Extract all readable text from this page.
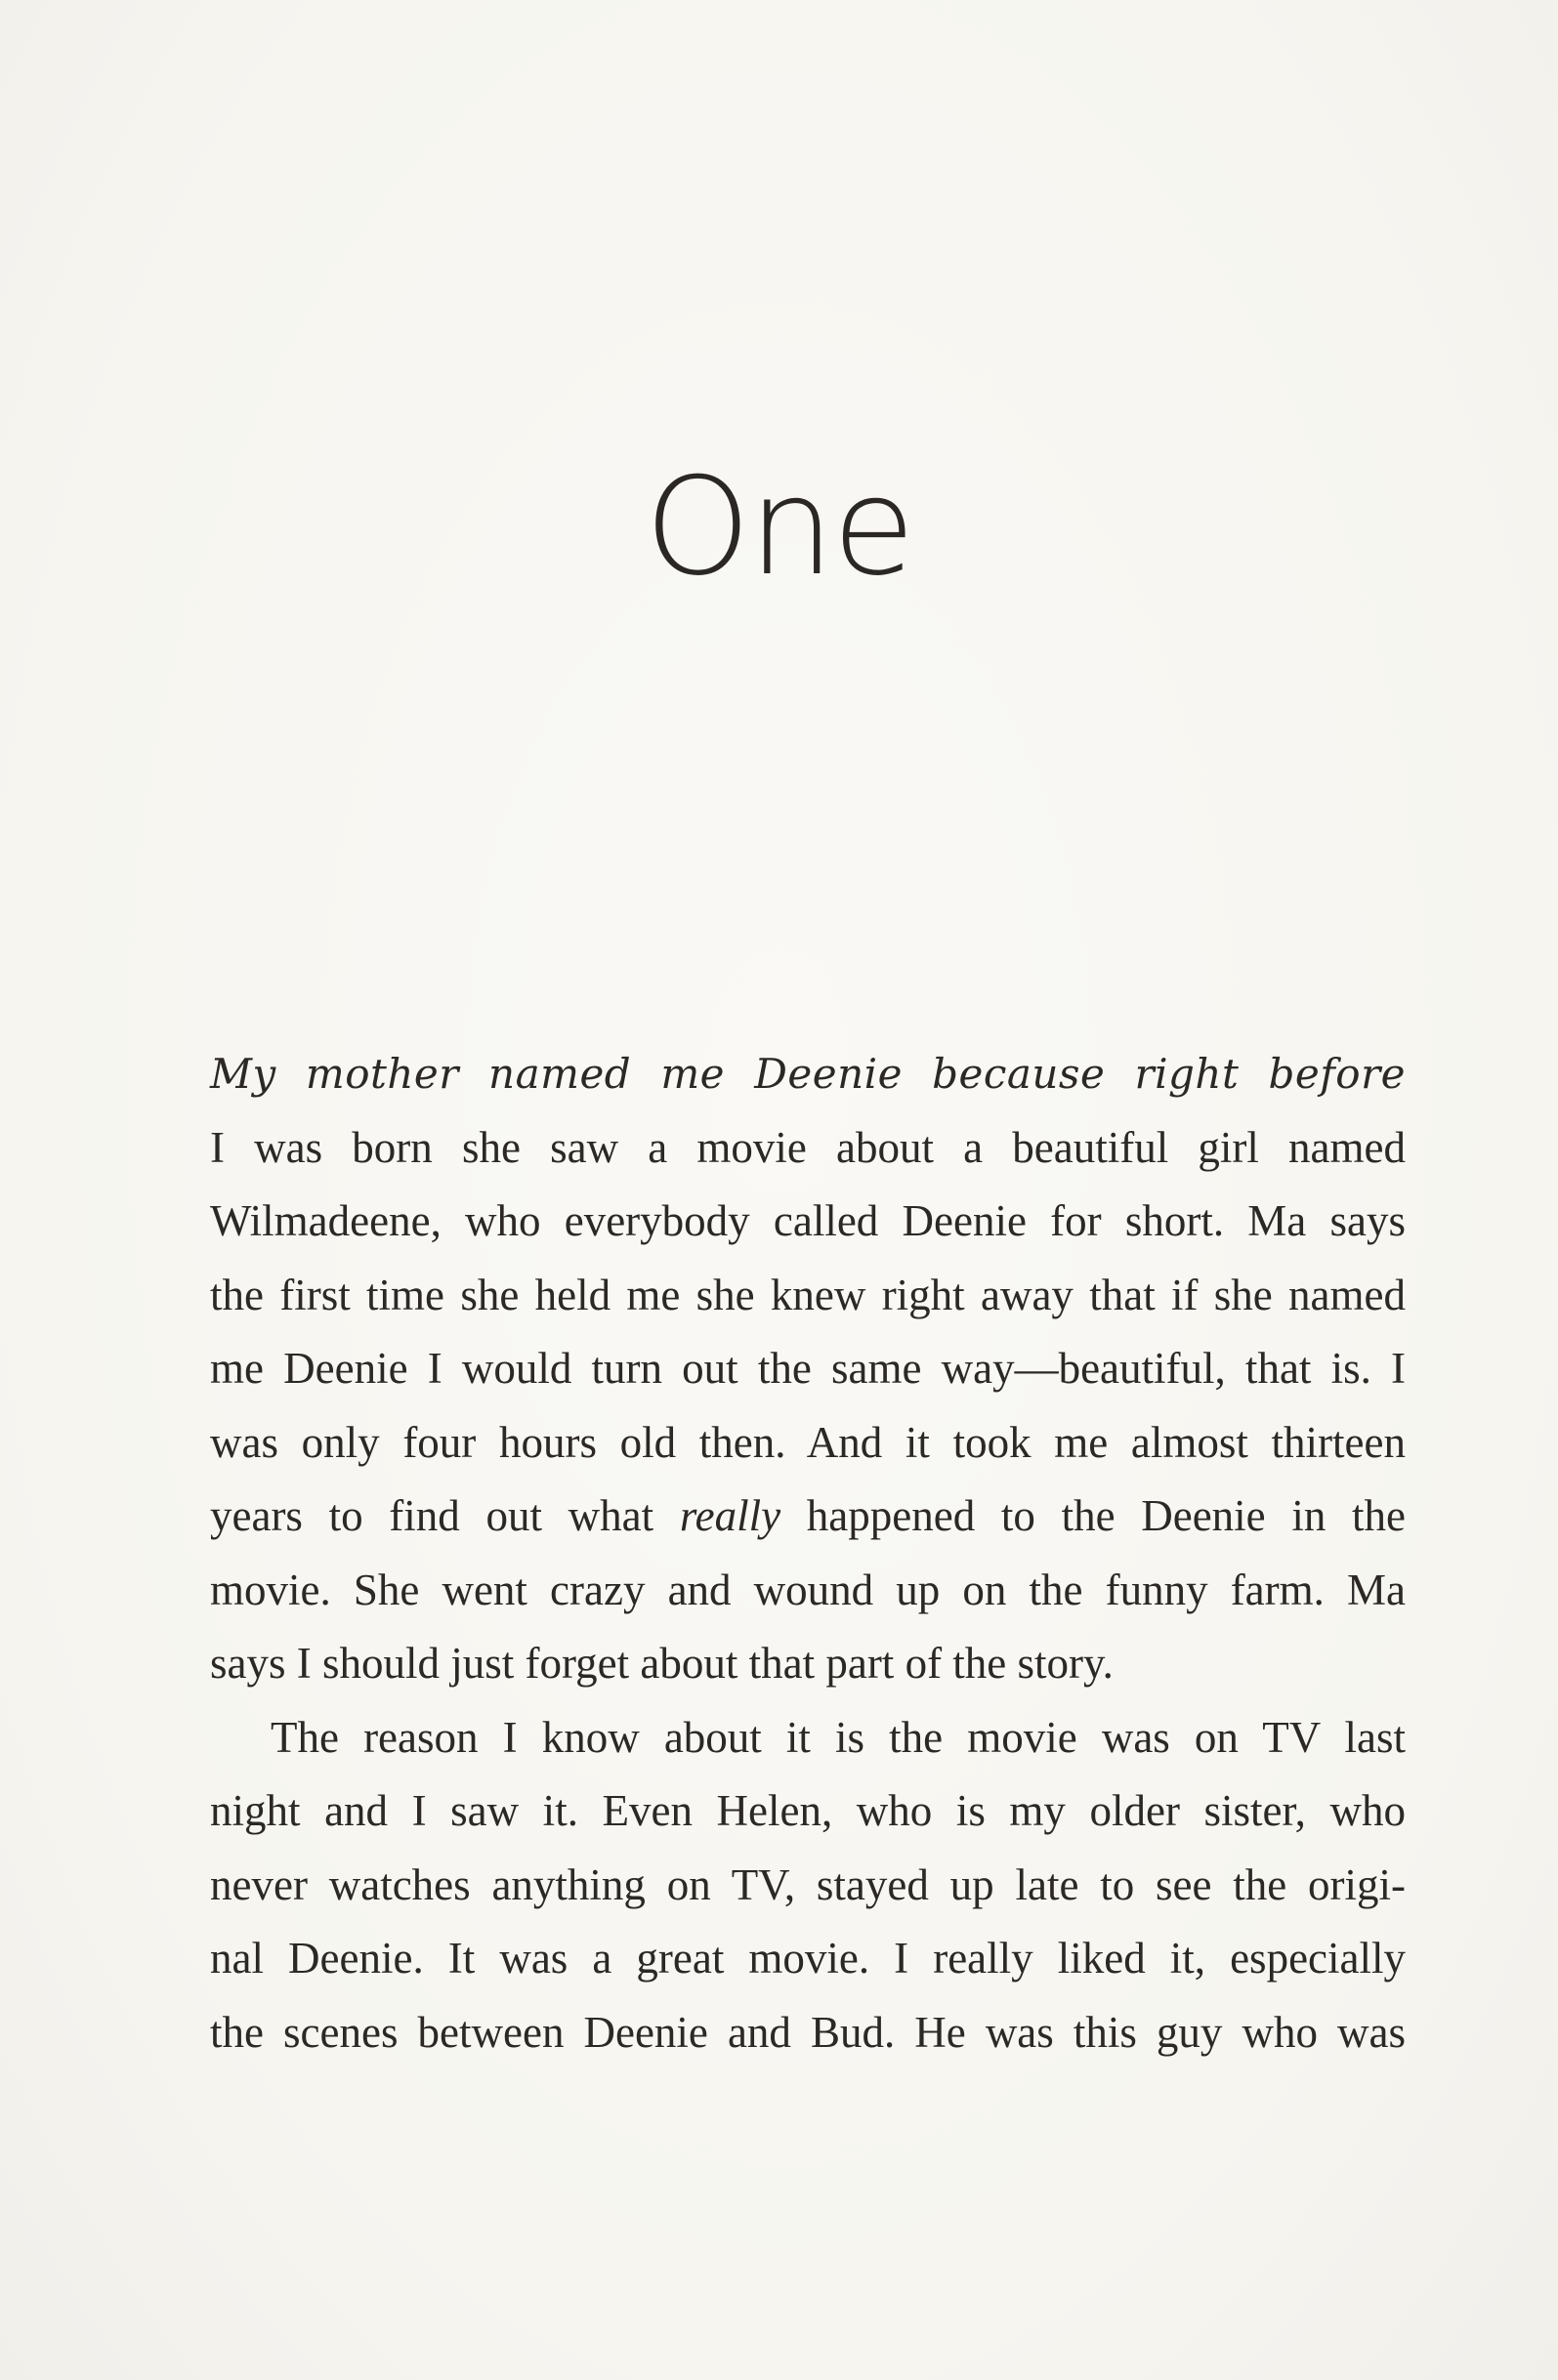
One
My mother named me Deenie because right before
I was born she saw a movie about a beautiful girl named
Wilmadeene, who everybody called Deenie for short. Ma says
the first time she held me she knew right away that if she named
me Deenie I would turn out the same way—beautiful, that is. I
was only four hours old then. And it took me almost thirteen
years to find out what really happened to the Deenie in the
movie. She went crazy and wound up on the funny farm. Ma
says I should just forget about that part of the story.
The reason I know about it is the movie was on TV last
night and I saw it. Even Helen, who is my older sister, who
never watches anything on TV, stayed up late to see the origi-
nal Deenie. It was a great movie. I really liked it, especially
the scenes between Deenie and Bud. He was this guy who was
